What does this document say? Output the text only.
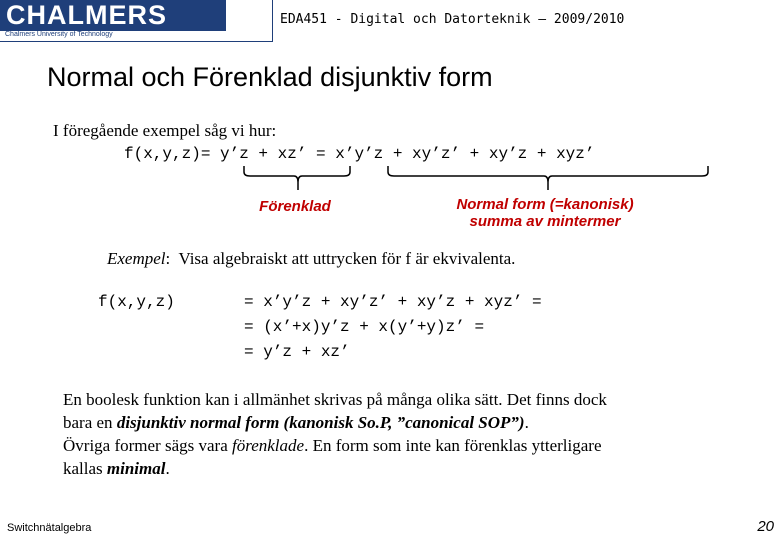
CHALMERS
Chalmers University of Technology
EDA451 - Digital och Datorteknik – 2009/2010
Normal och Förenklad disjunktiv form
I föregående exempel såg vi hur:
f(x,y,z)= y’z + xz’ = x’y’z + xy’z’ + xy’z + xyz’
Förenklad	Normal form (=kanonisk)
summa av mintermer
Exempel:  Visa algebraiskt att uttrycken för f är ekvivalenta.
f(x,y,z)	= x’y’z + xy’z’ + xy’z + xyz’ =
= (x’+x)y’z + x(y’+y)z’ =
= y’z + xz’
En boolesk funktion kan i allmänhet skrivas på många olika sätt. Det finns dock
bara en disjunktiv normal form (kanonisk So.P, ”canonical SOP”).
Övriga former sägs vara förenklade. En form som inte kan förenklas ytterligare
kallas minimal.
Switchnätalgebra	20
